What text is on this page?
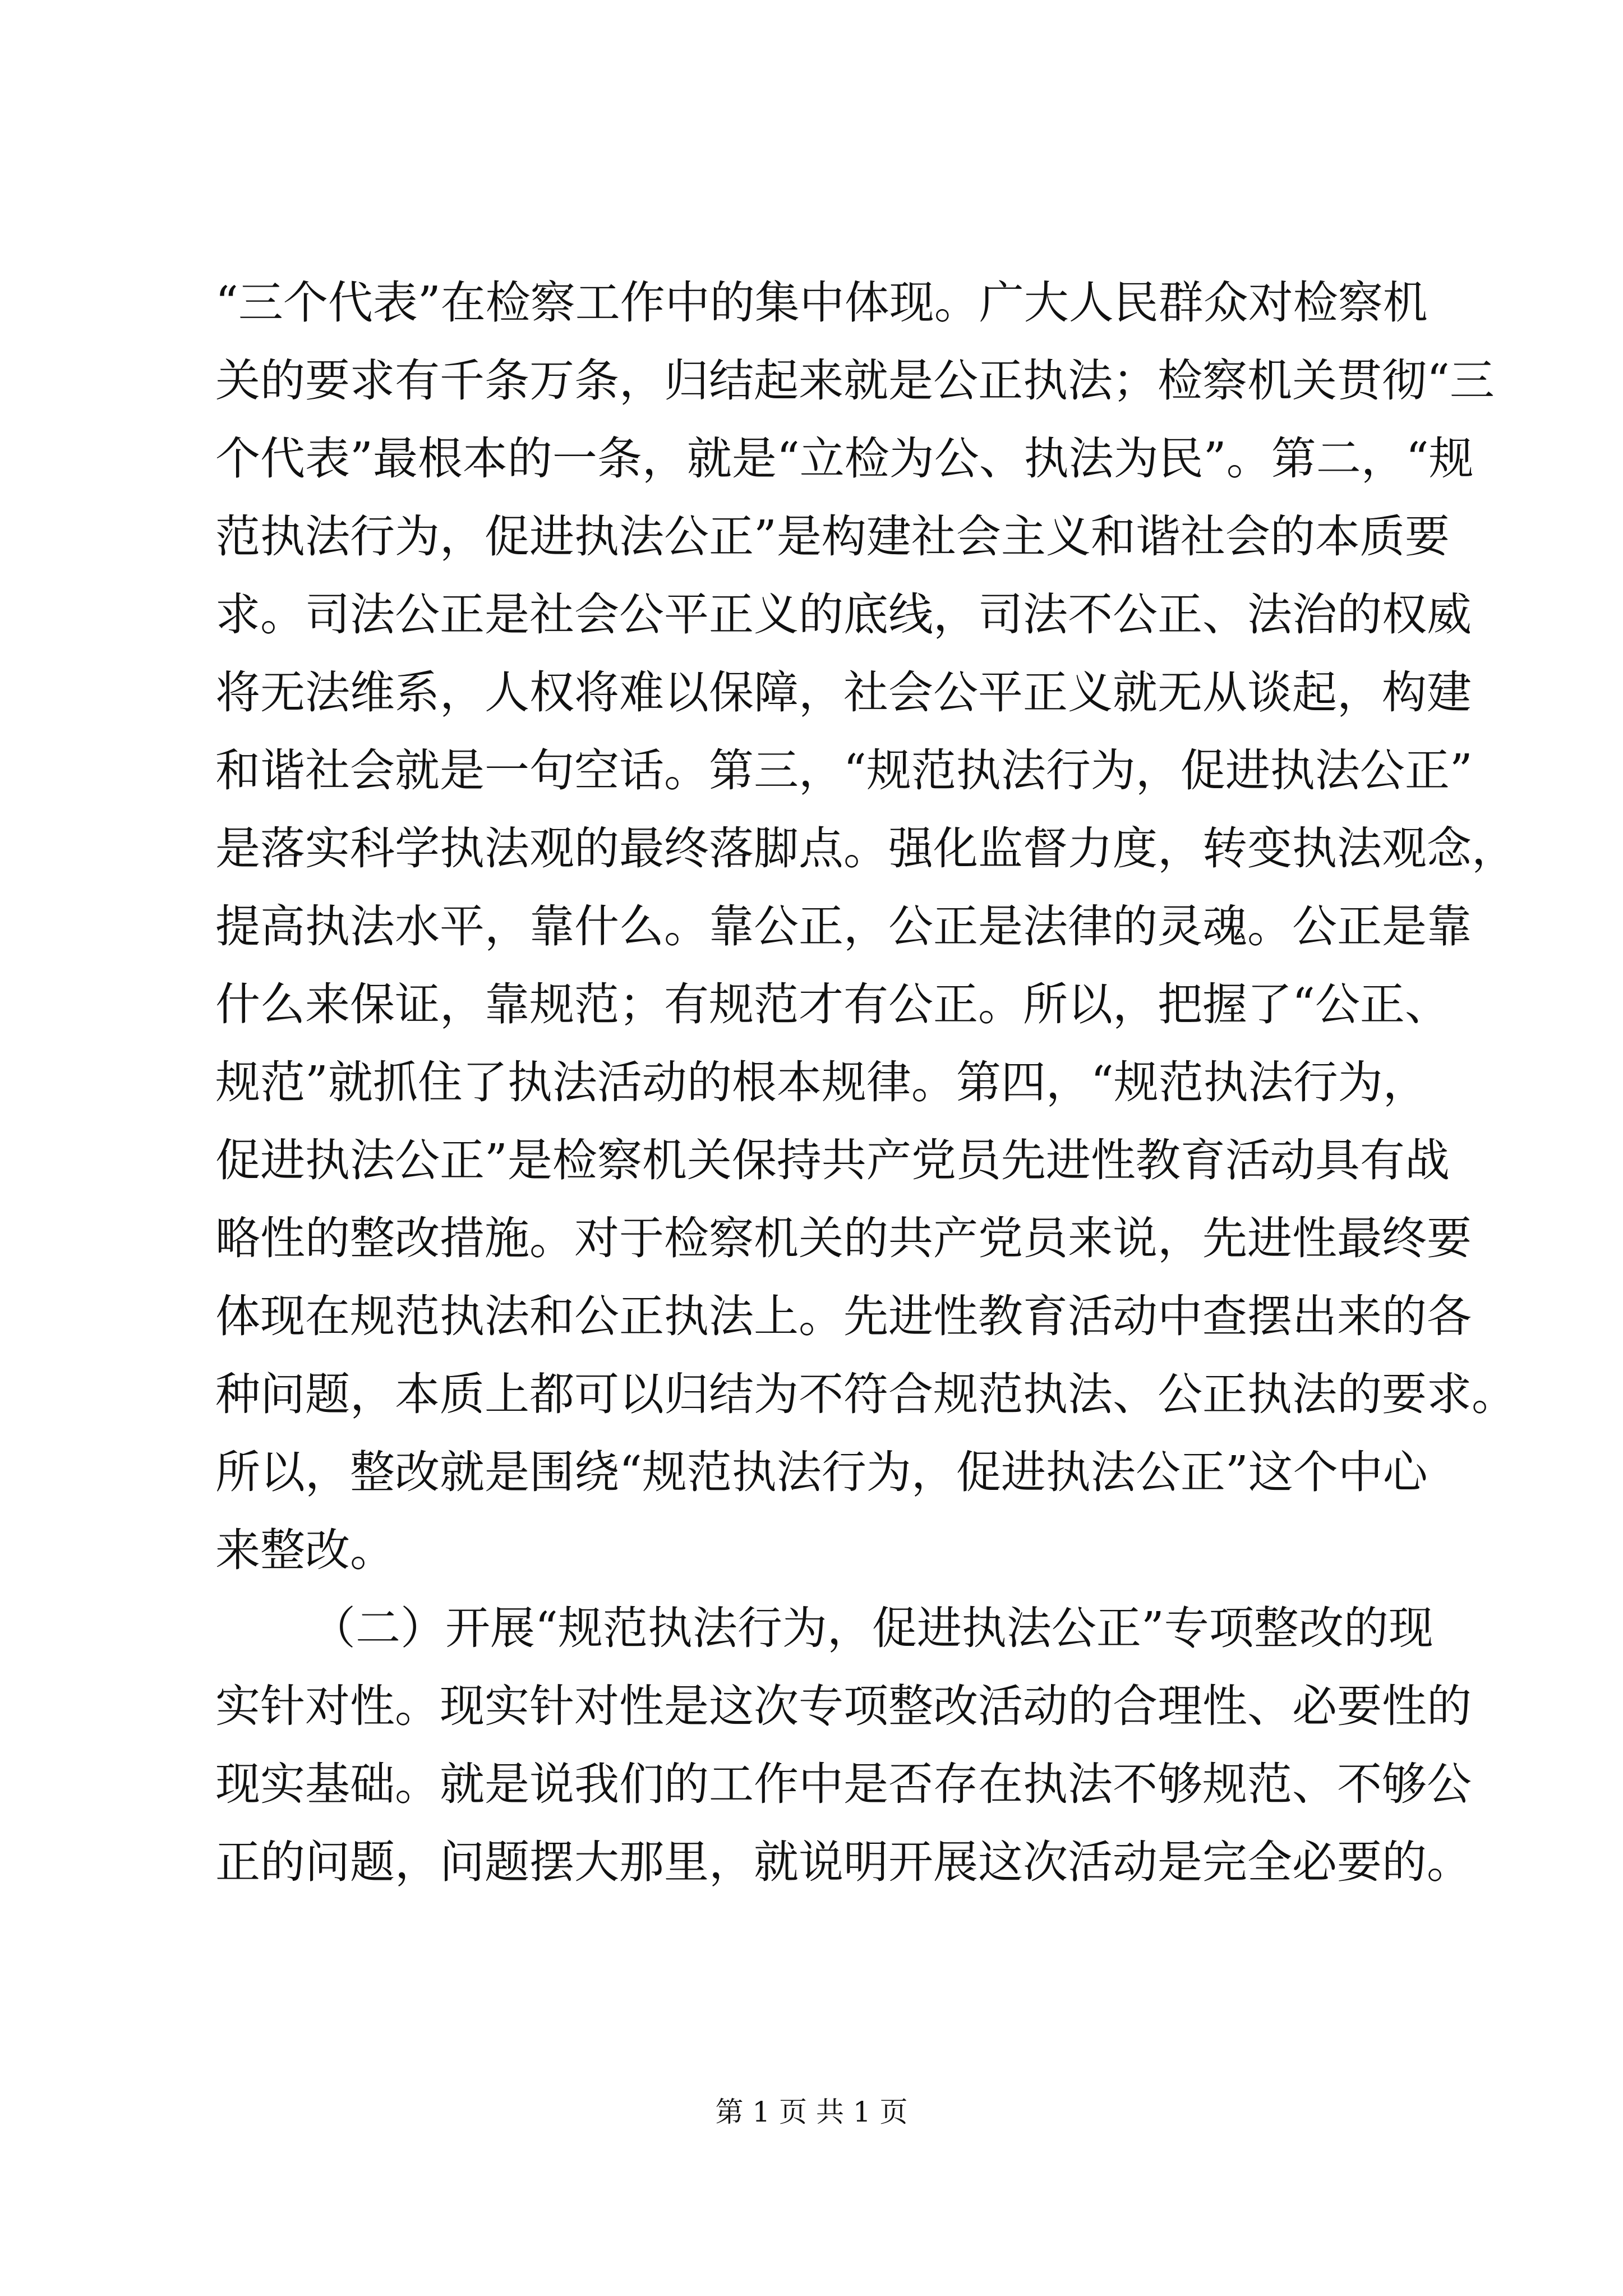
“三个代表”在检察工作中的集中体现。广大人民群众对检察机
关的要求有千条万条，归结起来就是公正执法；检察机关贯彻“三
个代表”最根本的一条，就是“立检为公、执法为民”。第二，“规
范执法行为，促进执法公正”是构建社会主义和谐社会的本质要
求。司法公正是社会公平正义的底线，司法不公正、法治的权威
将无法维系，人权将难以保障，社会公平正义就无从谈起，构建
和谐社会就是一句空话。第三，“规范执法行为，促进执法公正”
是落实科学执法观的最终落脚点。强化监督力度，转变执法观念，
提高执法水平，靠什么。靠公正，公正是法律的灵魂。公正是靠
什么来保证，靠规范；有规范才有公正。所以，把握了“公正、
规范”就抓住了执法活动的根本规律。第四，“规范执法行为，
促进执法公正”是检察机关保持共产党员先进性教育活动具有战
略性的整改措施。对于检察机关的共产党员来说，先进性最终要
体现在规范执法和公正执法上。先进性教育活动中查摆出来的各
种问题，本质上都可以归结为不符合规范执法、公正执法的要求。
所以，整改就是围绕“规范执法行为，促进执法公正”这个中心
来整改。
（二）开展“规范执法行为，促进执法公正”专项整改的现
实针对性。现实针对性是这次专项整改活动的合理性、必要性的
现实基础。就是说我们的工作中是否存在执法不够规范、不够公
正的问题，问题摆大那里，就说明开展这次活动是完全必要的。
第 1 页 共 1 页
